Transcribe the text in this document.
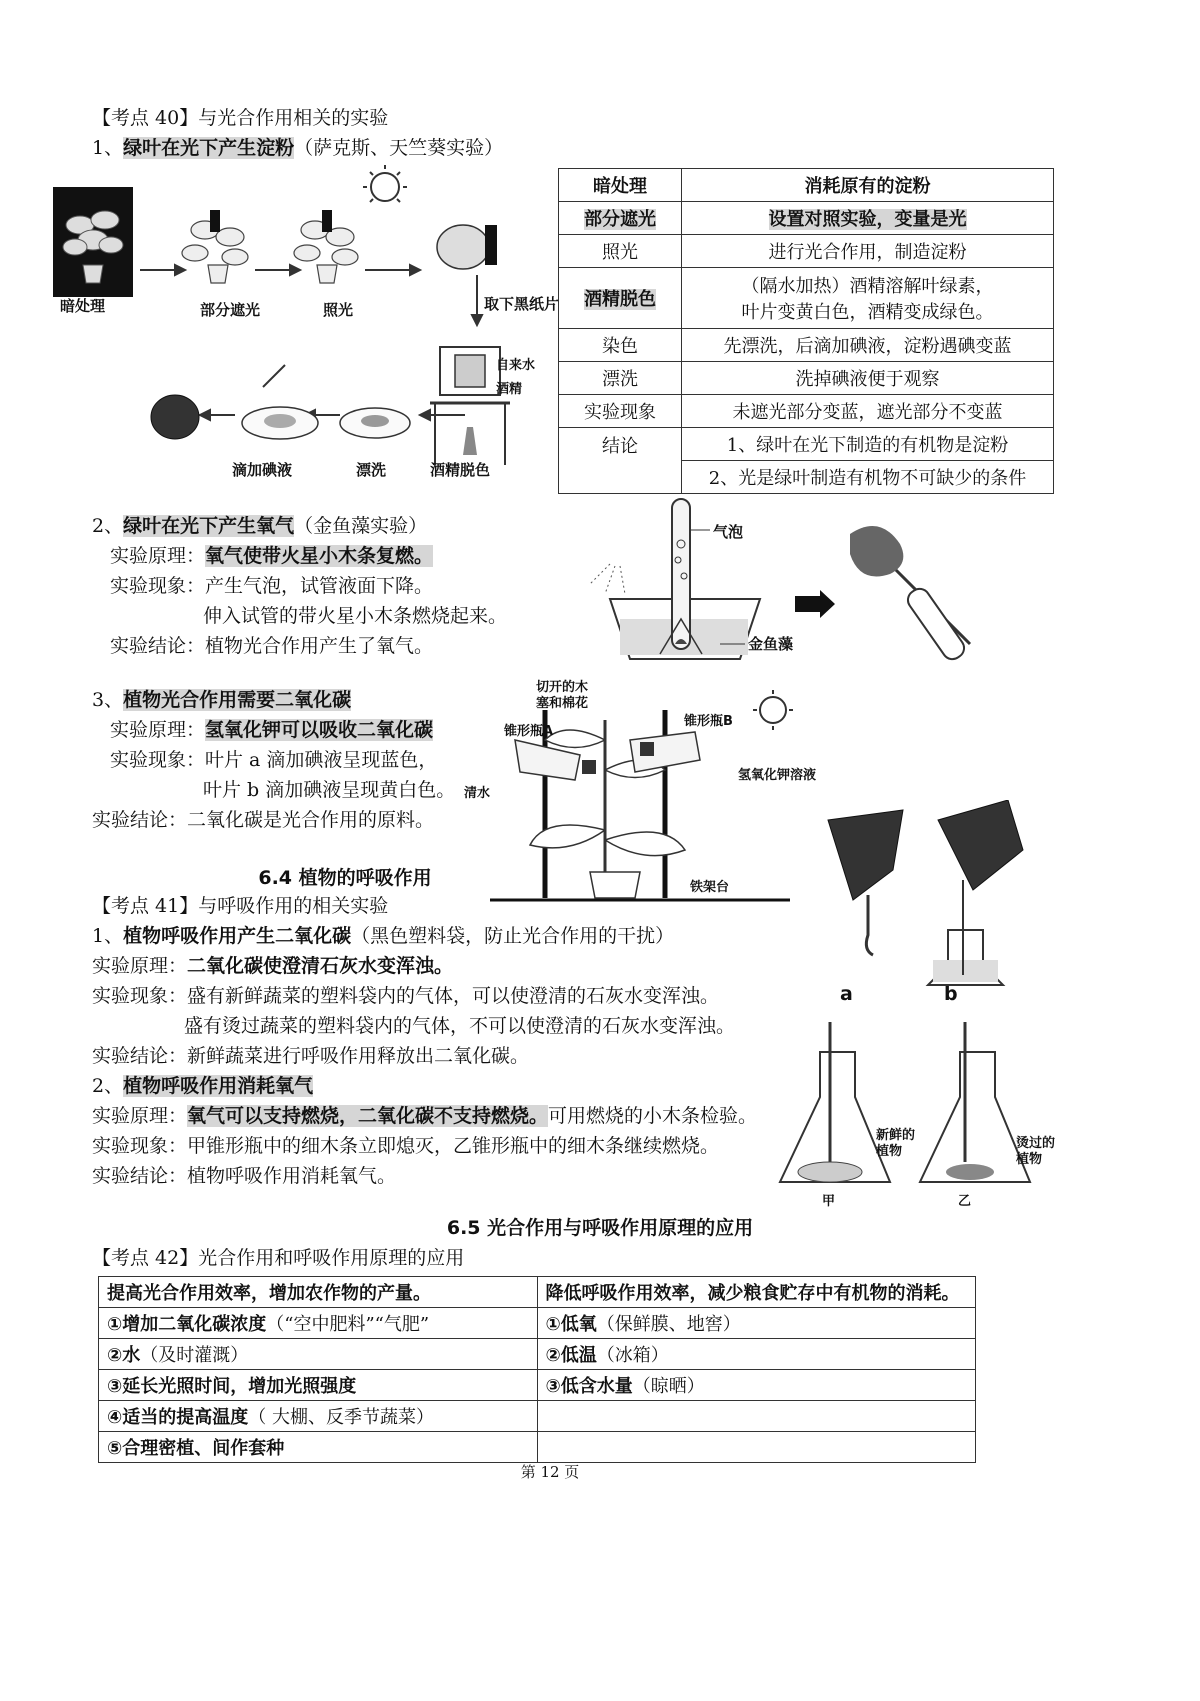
【考点 40】与光合作用相关的实验
1、绿叶在光下产生淀粉（萨克斯、天竺葵实验）
暗处理	部分遮光	照光	取下黑纸片
自来水
酒精
滴加碘液	漂洗	酒精脱色
暗处理	消耗原有的淀粉
部分遮光	设置对照实验，变量是光
照光	进行光合作用，制造淀粉
酒精脱色	（隔水加热）酒精溶解叶绿素，
叶片变黄白色，酒精变成绿色。

染色	先漂洗，后滴加碘液，淀粉遇碘变蓝
漂洗	洗掉碘液便于观察
实验现象	未遮光部分变蓝，遮光部分不变蓝
结论	1、绿叶在光下制造的有机物是淀粉
	2、光是绿叶制造有机物不可缺少的条件
2、绿叶在光下产生氧气（金鱼藻实验）
实验原理：氧气使带火星小木条复燃。
实验现象：产生气泡，试管液面下降。
伸入试管的带火星小木条燃烧起来。
实验结论：植物光合作用产生了氧气。
气泡
金鱼藻
3、植物光合作用需要二氧化碳
实验原理：氢氧化钾可以吸收二氧化碳
实验现象：叶片 a 滴加碘液呈现蓝色，
叶片 b 滴加碘液呈现黄白色。
实验结论：二氧化碳是光合作用的原料。
切开的木
塞和棉花
锥形瓶A
锥形瓶B
清水
氢氧化钾溶液
铁架台
a	b
6.4 植物的呼吸作用
【考点 41】与呼吸作用的相关实验
1、植物呼吸作用产生二氧化碳（黑色塑料袋，防止光合作用的干扰）
实验原理：二氧化碳使澄清石灰水变浑浊。
实验现象：盛有新鲜蔬菜的塑料袋内的气体，可以使澄清的石灰水变浑浊。
盛有烫过蔬菜的塑料袋内的气体，不可以使澄清的石灰水变浑浊。
实验结论：新鲜蔬菜进行呼吸作用释放出二氧化碳。
2、植物呼吸作用消耗氧气
实验原理：氧气可以支持燃烧，二氧化碳不支持燃烧。可用燃烧的小木条检验。
实验现象：甲锥形瓶中的细木条立即熄灭，乙锥形瓶中的细木条继续燃烧。
实验结论：植物呼吸作用消耗氧气。
新鲜的
植物
烫过的
植物
甲	乙
6.5 光合作用与呼吸作用原理的应用
【考点 42】光合作用和呼吸作用原理的应用
提高光合作用效率，增加农作物的产量。	降低呼吸作用效率，减少粮食贮存中有机物的消耗。
①增加二氧化碳浓度（“空中肥料”“气肥”	①低氧（保鲜膜、地窖）
②水（及时灌溉）	②低温（冰箱）
③延长光照时间，增加光照强度	③低含水量（晾晒）
④适当的提高温度（ 大棚、反季节蔬菜）	
⑤合理密植、间作套种	
第 12 页
